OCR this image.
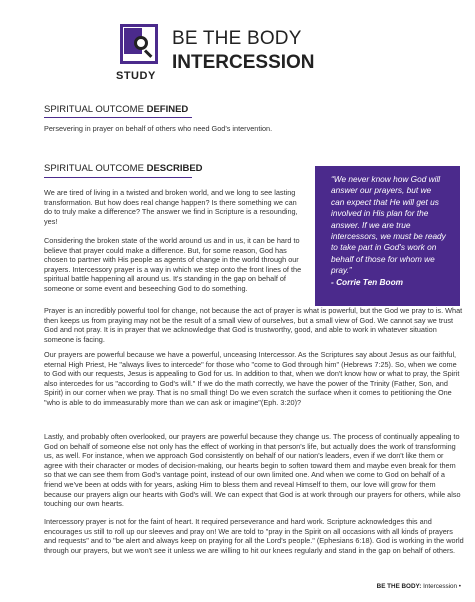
STUDY
BE THE BODY
INTERCESSION
SPIRITUAL OUTCOME DEFINED

Persevering in prayer on behalf of others who need God's intervention.

SPIRITUAL OUTCOME DESCRIBED

We are tired of living in a twisted and broken world, and we long to see lasting transformation. But how does real change happen? Is there something we can do to truly make a difference? The answer we find in Scripture is a resounding, yes!

Considering the broken state of the world around us and in us, it can be hard to believe that prayer could make a difference. But, for some reason, God has chosen to partner with His people as agents of change in the world through our prayers. Intercessory prayer is a way in which we step onto the front lines of the spiritual battle happening all around us. It's standing in the gap on behalf of someone or some event and beseeching God to do something.

Prayer is an incredibly powerful tool for change, not because the act of prayer is what is powerful, but the God we pray to is. What then keeps us from praying may not be the result of a small view of ourselves, but a small view of God. We cannot say we trust God and not pray. It is in prayer that we acknowledge that God is trustworthy, good, and able to work in whatever situation someone is facing.

Our prayers are powerful because we have a powerful, unceasing Intercessor. As the Scriptures say about Jesus as our faithful, eternal High Priest, He "always lives to intercede" for those who "come to God through him" (Hebrews 7:25). So, when we come to God with our requests, Jesus is appealing to God for us. In addition to that, when we don't know how or what to pray, the Spirit also intercedes for us "according to God's will." If we do the math correctly, we have the power of the Trinity (Father, Son, and Spirit) in our corner when we pray. That is no small thing! Do we even scratch the surface when it comes to petitioning the One "who is able to do immeasurably more than we can ask or imagine"(Eph. 3:20)?

Lastly, and probably often overlooked, our prayers are powerful because they change us. The process of continually appealing to God on behalf of someone else not only has the effect of working in that person's life, but actually does the work of transforming us, as well. For instance, when we approach God consistently on behalf of our nation's leaders, even if we don't like them or agree with their character or modes of decision-making, our hearts begin to soften toward them and maybe even break for them so that we can see them from God's vantage point, instead of our own limited one. And when we come to God on behalf of a friend we've been at odds with for years, asking Him to bless them and reveal Himself to them, our love will grow for them because our prayers align our hearts with God's will. We can expect that God is at work through our prayers for others, while also touching our own hearts.

Intercessory prayer is not for the faint of heart. It required perseverance and hard work. Scripture acknowledges this and encourages us still to roll up our sleeves and pray on! We are told to "pray in the Spirit on all occasions with all kinds of prayers and requests" and to "be alert and always keep on praying for all the Lord's people." (Ephesians 6:18). God is working in the world through our prayers, but we won't see it unless we are willing to hit our knees regularly and stand in the gap on behalf of others.

“We never know how God will answer our prayers, but we can expect that He will get us involved in His plan for the answer. If we are true intercessors, we must be ready to take part in God's work on behalf of those for whom we pray.”

- Corrie Ten Boom

BE THE BODY: Intercession •
